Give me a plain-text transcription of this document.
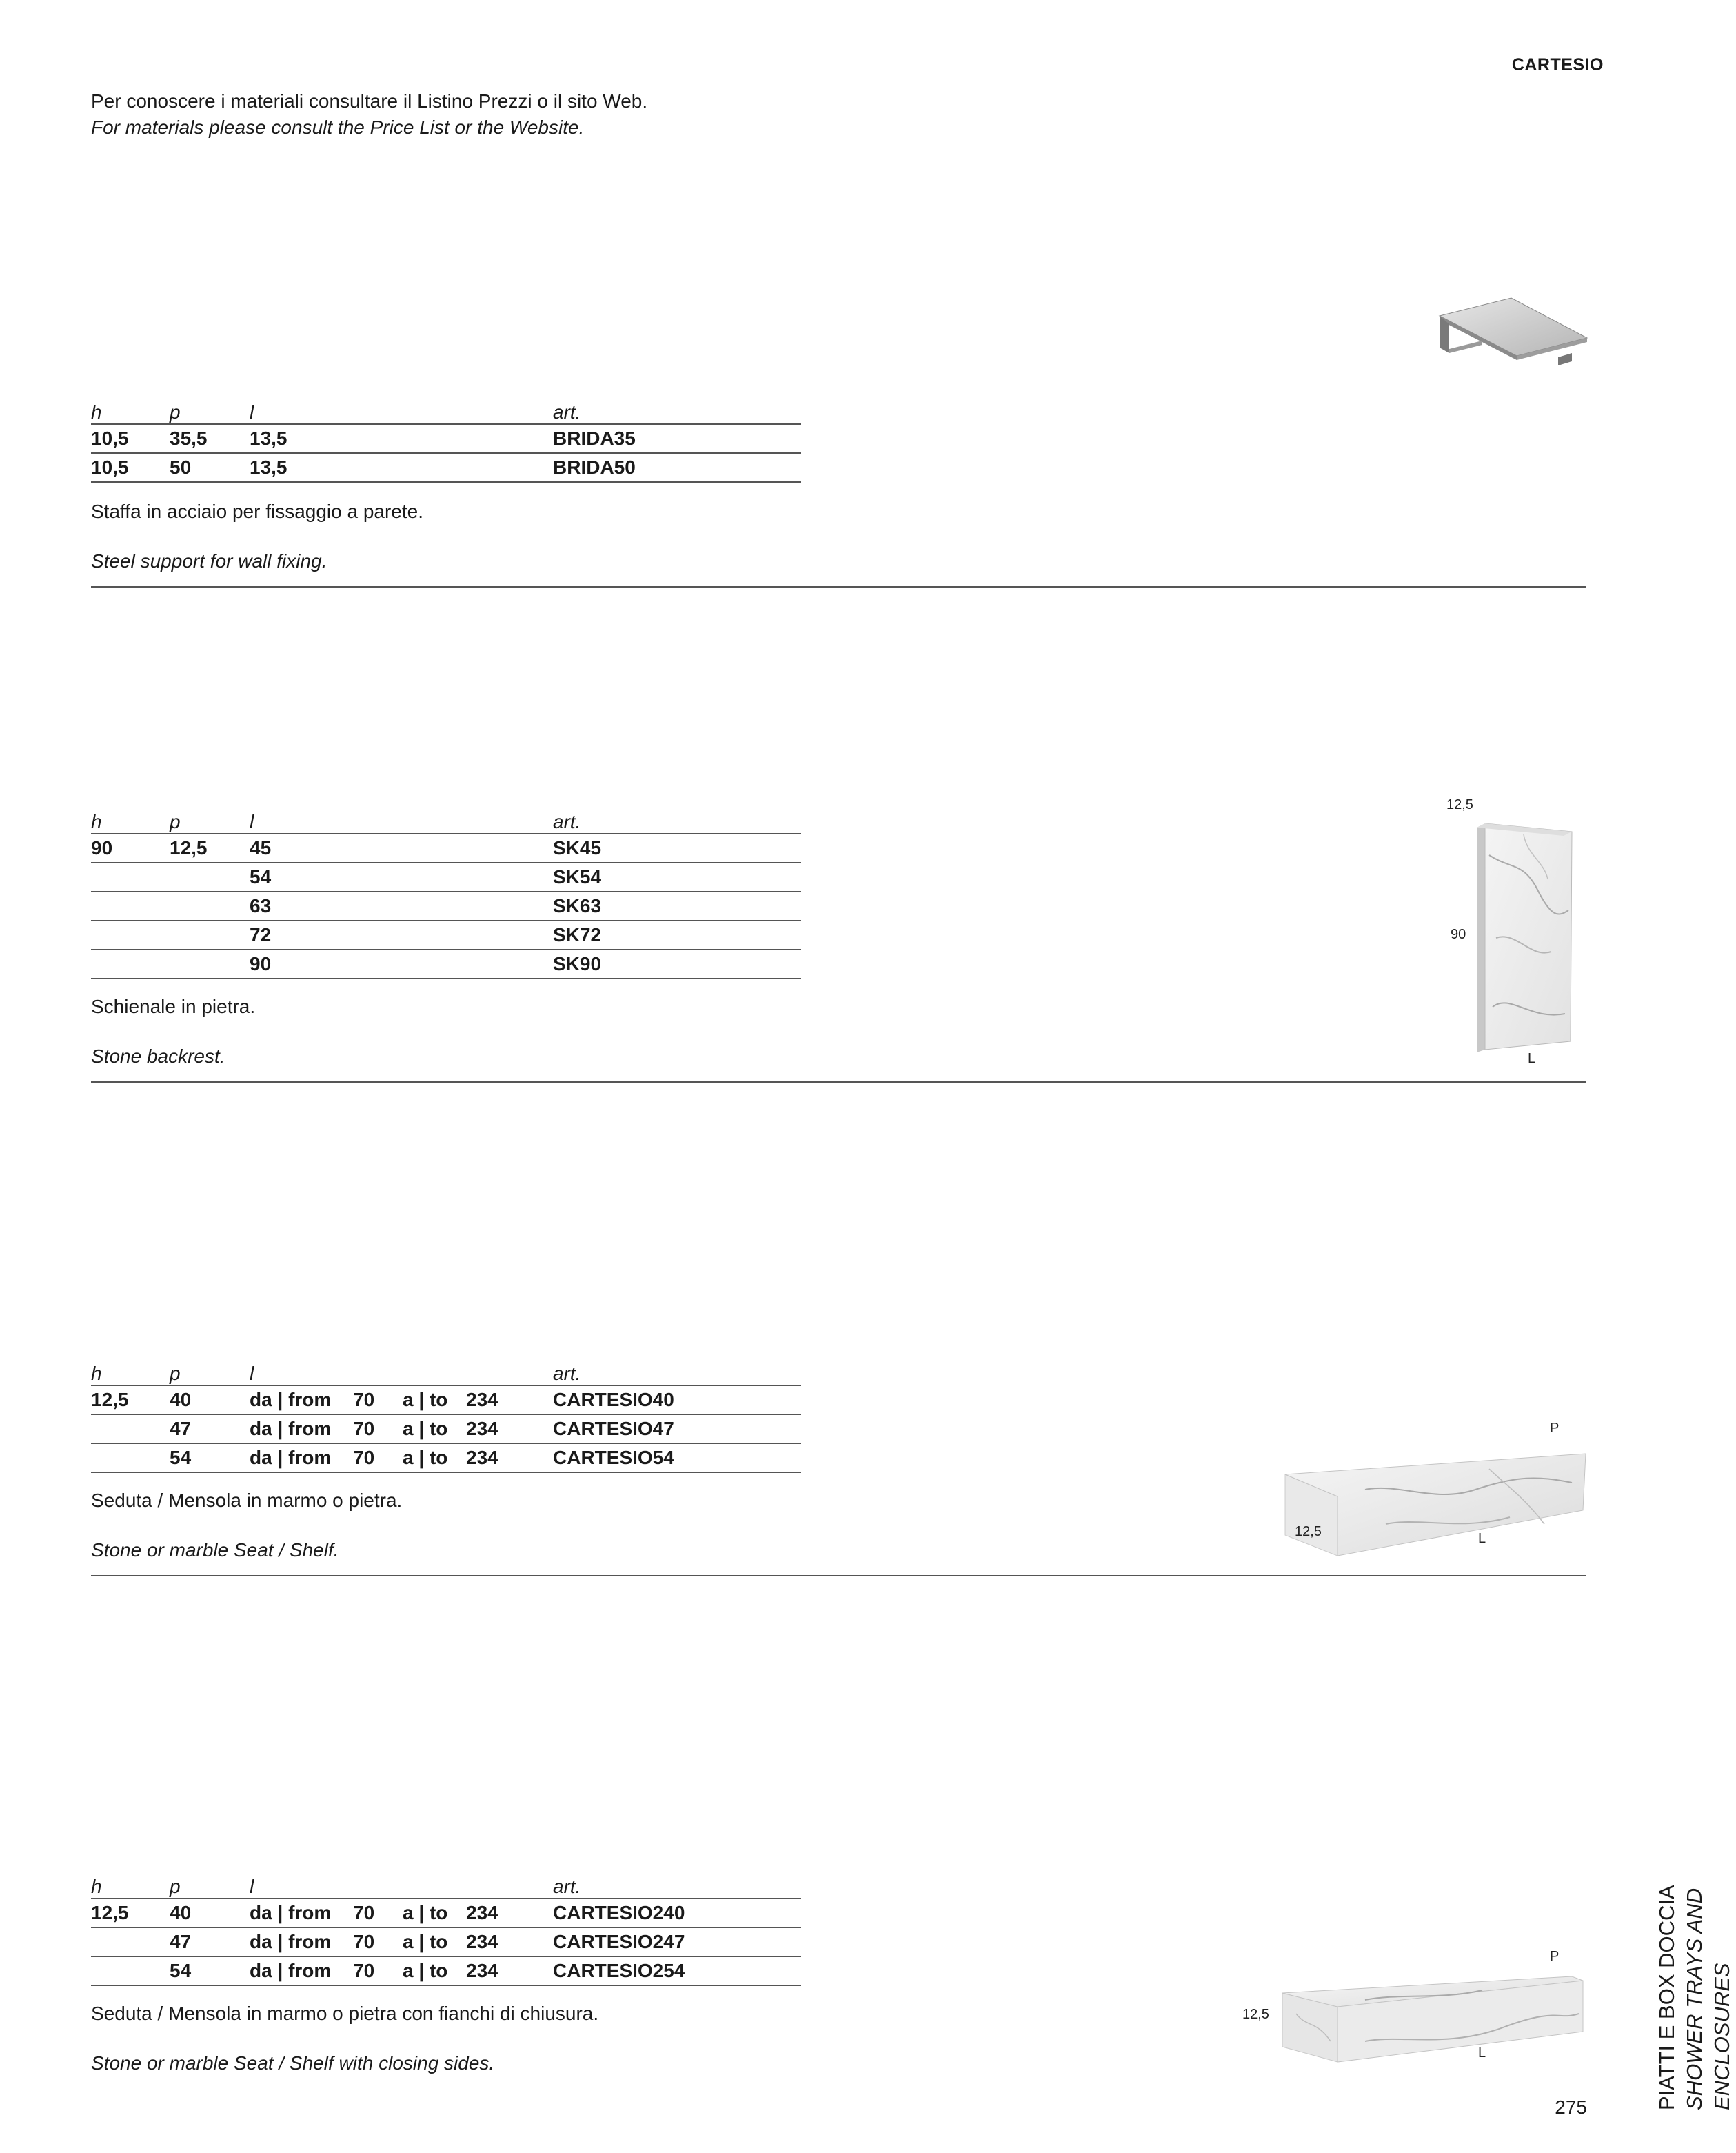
CARTESIO
Per conoscere i materiali consultare il Listino Prezzi o il sito Web.
For materials please consult the Price List or the Website.
h	p	l	art.
10,5	35,5	13,5	BRIDA35
10,5	50	13,5	BRIDA50
Staffa in acciaio per fissaggio a parete.
Steel support for wall fixing.
12,5
90
L
h	p	l	art.
90	12,5	45	SK45
		54	SK54
		63	SK63
		72	SK72
		90	SK90
Schienale in pietra.
Stone backrest.
P
12,5	L
h	p	l	art.
12,5	40	da | from 70 a | to 234	CARTESIO40
	47	da | from 70 a | to 234	CARTESIO47
	54	da | from 70 a | to 234	CARTESIO54
Seduta / Mensola in marmo o pietra.
Stone or marble Seat / Shelf.
P
12,5
L
h	p	l	art.
12,5	40	da | from 70 a | to 234	CARTESIO240
	47	da | from 70 a | to 234	CARTESIO247
	54	da | from 70 a | to 234	CARTESIO254
Seduta / Mensola in marmo o pietra con fianchi di chiusura.
Stone or marble Seat / Shelf with closing sides.	PIATTI E BOX DOCCIA SHOWER TRAYS AND ENCLOSURES
275
